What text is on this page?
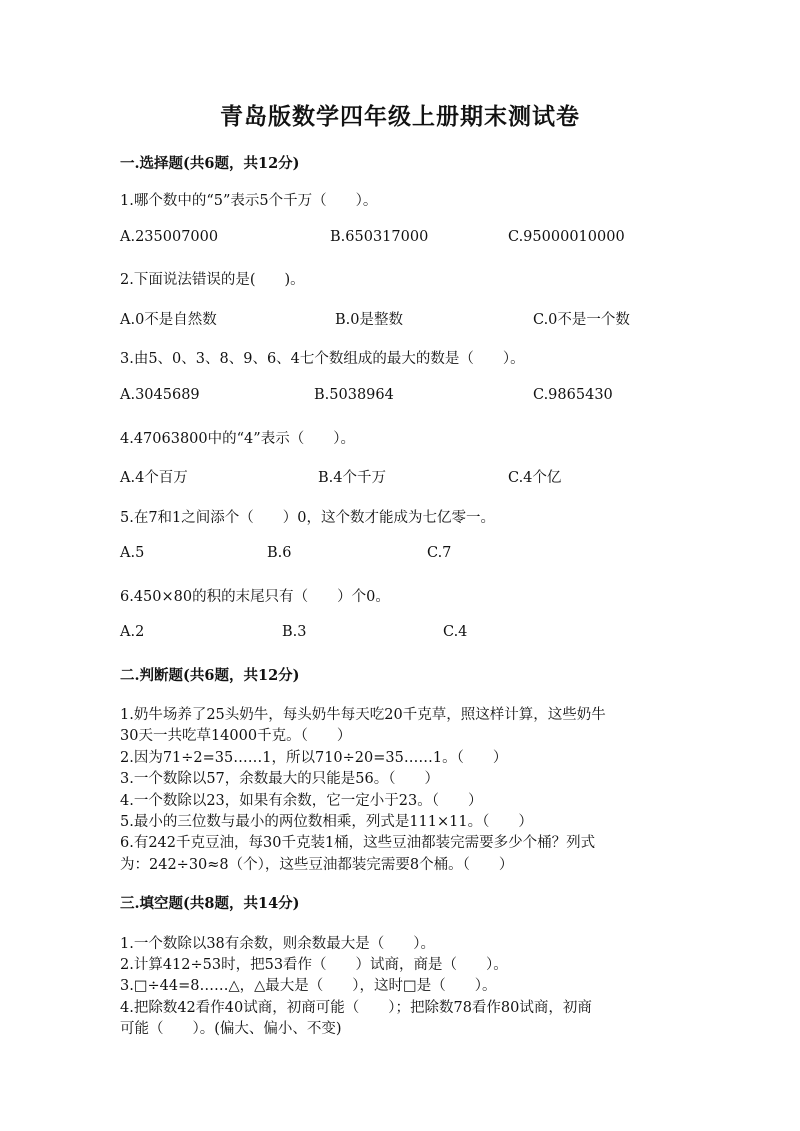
青岛版数学四年级上册期末测试卷
一.选择题(共6题，共12分)
1.哪个数中的“5”表示5个千万（　　）。
A.235007000	B.650317000	C.95000010000
2.下面说法错误的是(　　)。
A.0不是自然数	B.0是整数	C.0不是一个数
3.由5、0、3、8、9、6、4七个数组成的最大的数是（　　）。
A.3045689	B.5038964	C.9865430
4.47063800中的“4”表示（　　）。
A.4个百万	B.4个千万	C.4个亿
5.在7和1之间添个（　　）0，这个数才能成为七亿零一。
A.5	B.6	C.7
6.450×80的积的末尾只有（　　）个0。
A.2	B.3	C.4
二.判断题(共6题，共12分)
1.奶牛场养了25头奶牛，每头奶牛每天吃20千克草，照这样计算，这些奶牛
30天一共吃草14000千克。（　　）
2.因为71÷2=35……1，所以710÷20=35……1。（　　）
3.一个数除以57，余数最大的只能是56。（　　）
4.一个数除以23，如果有余数，它一定小于23。（　　）
5.最小的三位数与最小的两位数相乘，列式是111×11。（　　）
6.有242千克豆油，每30千克装1桶，这些豆油都装完需要多少个桶？列式
为：242÷30≈8（个），这些豆油都装完需要8个桶。（　　）
三.填空题(共8题，共14分)
1.一个数除以38有余数，则余数最大是（　　）。
2.计算412÷53时，把53看作（　　）试商，商是（　　）。
3.□÷44=8……△，△最大是（　　），这时□是（　　）。
4.把除数42看作40试商，初商可能（　　）；把除数78看作80试商，初商
可能（　　）。(偏大、偏小、不变)
